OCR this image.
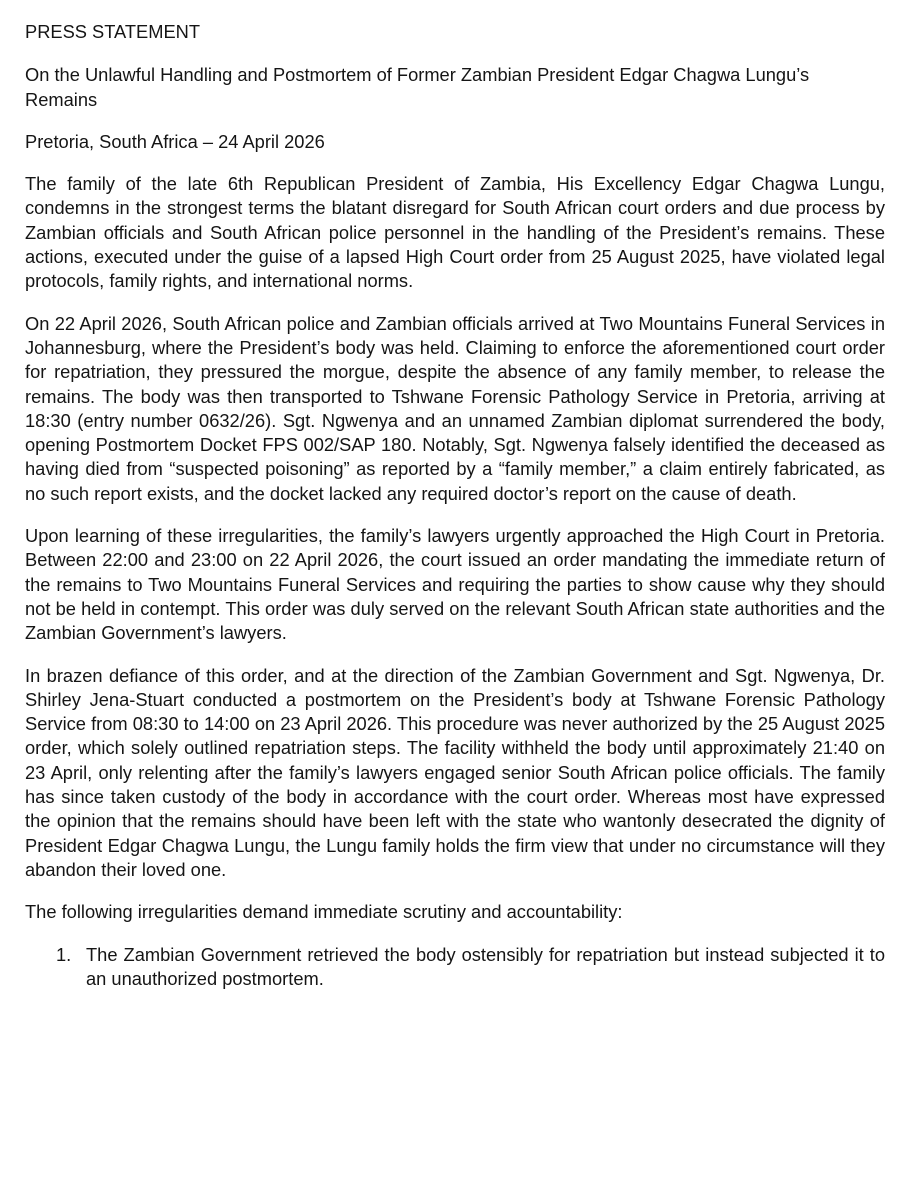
PRESS STATEMENT
On the Unlawful Handling and Postmortem of Former Zambian President Edgar Chagwa Lungu’s Remains
Pretoria, South Africa – 24 April 2026

The family of the late 6th Republican President of Zambia, His Excellency Edgar Chagwa Lungu, condemns in the strongest terms the blatant disregard for South African court orders and due process by Zambian officials and South African police personnel in the handling of the President’s remains. These actions, executed under the guise of a lapsed High Court order from 25 August 2025, have violated legal protocols, family rights, and international norms.

On 22 April 2026, South African police and Zambian officials arrived at Two Mountains Funeral Services in Johannesburg, where the President’s body was held. Claiming to enforce the aforementioned court order for repatriation, they pressured the morgue, despite the absence of any family member, to release the remains. The body was then transported to Tshwane Forensic Pathology Service in Pretoria, arriving at 18:30 (entry number 0632/26). Sgt. Ngwenya and an unnamed Zambian diplomat surrendered the body, opening Postmortem Docket FPS 002/SAP 180. Notably, Sgt. Ngwenya falsely identified the deceased as having died from “suspected poisoning” as reported by a “family member,” a claim entirely fabricated, as no such report exists, and the docket lacked any required doctor’s report on the cause of death.

Upon learning of these irregularities, the family’s lawyers urgently approached the High Court in Pretoria. Between 22:00 and 23:00 on 22 April 2026, the court issued an order mandating the immediate return of the remains to Two Mountains Funeral Services and requiring the parties to show cause why they should not be held in contempt. This order was duly served on the relevant South African state authorities and the Zambian Government’s lawyers.

In brazen defiance of this order, and at the direction of the Zambian Government and Sgt. Ngwenya, Dr. Shirley Jena-Stuart conducted a postmortem on the President’s body at Tshwane Forensic Pathology Service from 08:30 to 14:00 on 23 April 2026. This procedure was never authorized by the 25 August 2025 order, which solely outlined repatriation steps. The facility withheld the body until approximately 21:40 on 23 April, only relenting after the family’s lawyers engaged senior South African police officials. The family has since taken custody of the body in accordance with the court order. Whereas most have expressed the opinion that the remains should have been left with the state who wantonly desecrated the dignity of President Edgar Chagwa Lungu, the Lungu family holds the firm view that under no circumstance will they abandon their loved one.

The following irregularities demand immediate scrutiny and accountability:

1. The Zambian Government retrieved the body ostensibly for repatriation but instead subjected it to an unauthorized postmortem.
